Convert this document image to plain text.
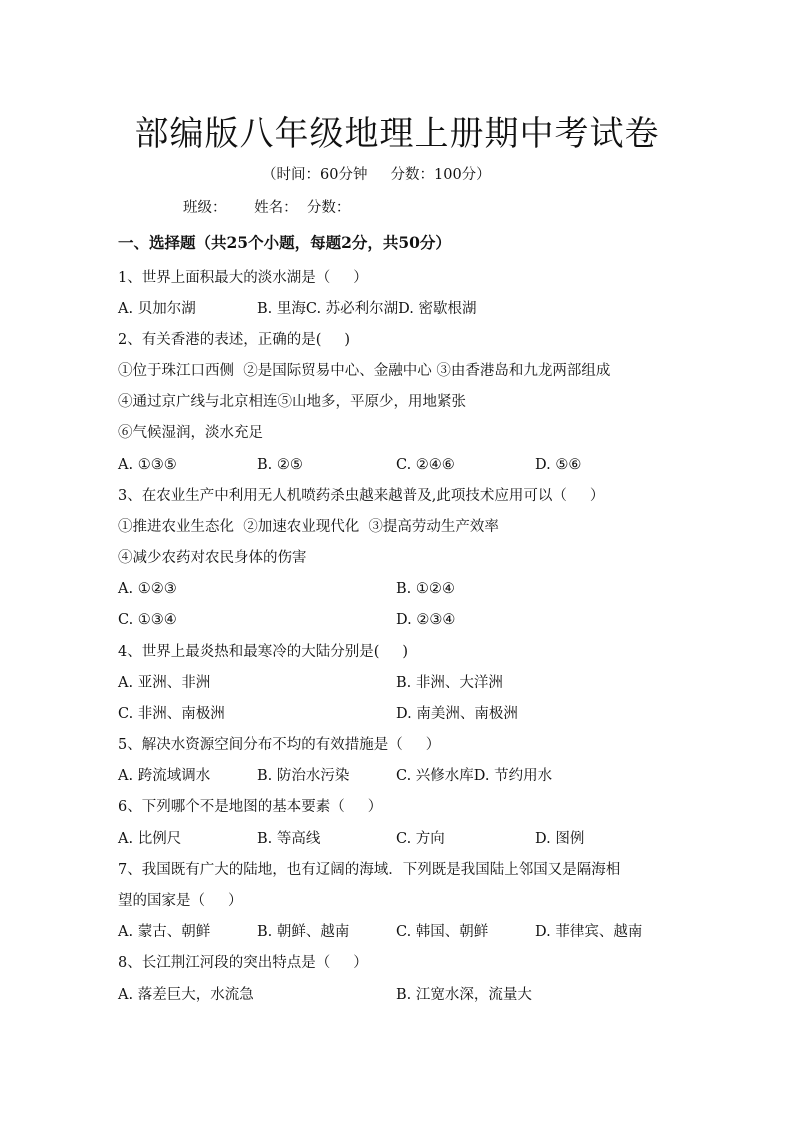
部编版八年级地理上册期中考试卷
（时间：60分钟     分数：100分）
班级：      姓名：  分数：
一、选择题（共25个小题，每题2分，共50分）
1、世界上面积最大的淡水湖是（     ）
A. 贝加尔湖	B. 里海C. 苏必利尔湖D. 密歇根湖
2、有关香港的表述，正确的是(     )
①位于珠江口西侧  ②是国际贸易中心、金融中心 ③由香港岛和九龙两部组成
④通过京广线与北京相连⑤山地多，平原少，用地紧张
⑥气候湿润，淡水充足
A. ①③⑤	B. ②⑤	C. ②④⑥	D. ⑤⑥
3、在农业生产中利用无人机喷药杀虫越来越普及,此项技术应用可以（     ）
①推进农业生态化  ②加速农业现代化  ③提高劳动生产效率
④减少农药对农民身体的伤害
A. ①②③	B. ①②④
C. ①③④	D. ②③④
4、世界上最炎热和最寒冷的大陆分别是(     )
A. 亚洲、非洲	B. 非洲、大洋洲
C. 非洲、南极洲	D. 南美洲、南极洲
5、解决水资源空间分布不均的有效措施是（     ）
A. 跨流域调水	B. 防治水污染	C. 兴修水库D. 节约用水
6、下列哪个不是地图的基本要素（     ）
A. 比例尺	B. 等高线	C. 方向	D. 图例
7、我国既有广大的陆地，也有辽阔的海域．下列既是我国陆上邻国又是隔海相
望的国家是（     ）
A. 蒙古、朝鲜	B. 朝鲜、越南	C. 韩国、朝鲜	D. 菲律宾、越南
8、长江荆江河段的突出特点是（     ）
A. 落差巨大，水流急	B. 江宽水深，流量大
